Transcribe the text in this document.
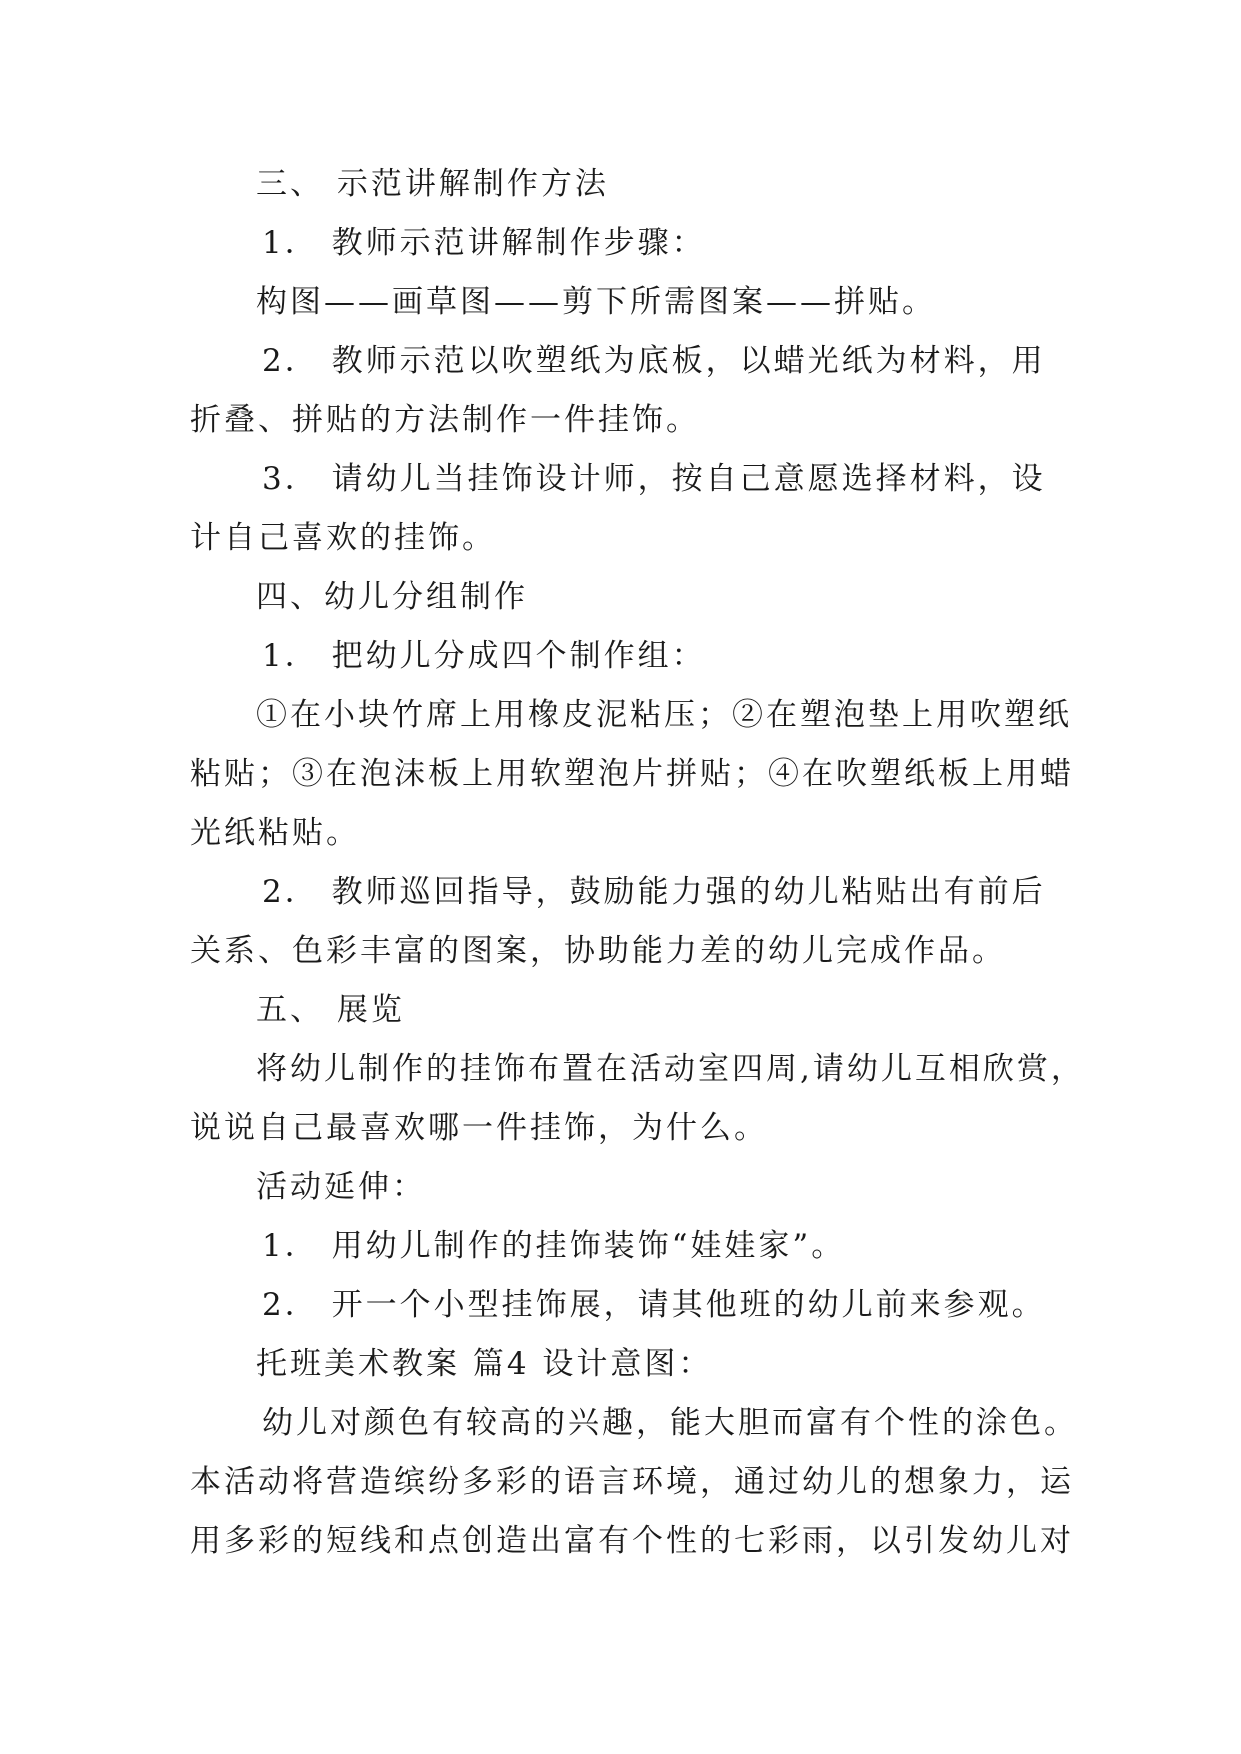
三、 示范讲解制作方法
1． 教师示范讲解制作步骤：
构图——画草图——剪下所需图案——拼贴。
2． 教师示范以吹塑纸为底板，以蜡光纸为材料，用
折叠、拼贴的方法制作一件挂饰。
3． 请幼儿当挂饰设计师，按自己意愿选择材料，设
计自己喜欢的挂饰。
四、幼儿分组制作
1． 把幼儿分成四个制作组：
①在小块竹席上用橡皮泥粘压；②在塑泡垫上用吹塑纸
粘贴；③在泡沫板上用软塑泡片拼贴；④在吹塑纸板上用蜡
光纸粘贴。
2． 教师巡回指导，鼓励能力强的幼儿粘贴出有前后
关系、色彩丰富的图案，协助能力差的幼儿完成作品。
五、 展览
将幼儿制作的挂饰布置在活动室四周,请幼儿互相欣赏，
说说自己最喜欢哪一件挂饰，为什么。
活动延伸：
1． 用幼儿制作的挂饰装饰“娃娃家”。
2． 开一个小型挂饰展，请其他班的幼儿前来参观。
托班美术教案 篇4 设计意图：
幼儿对颜色有较高的兴趣，能大胆而富有个性的涂色。
本活动将营造缤纷多彩的语言环境，通过幼儿的想象力，运
用多彩的短线和点创造出富有个性的七彩雨，以引发幼儿对
